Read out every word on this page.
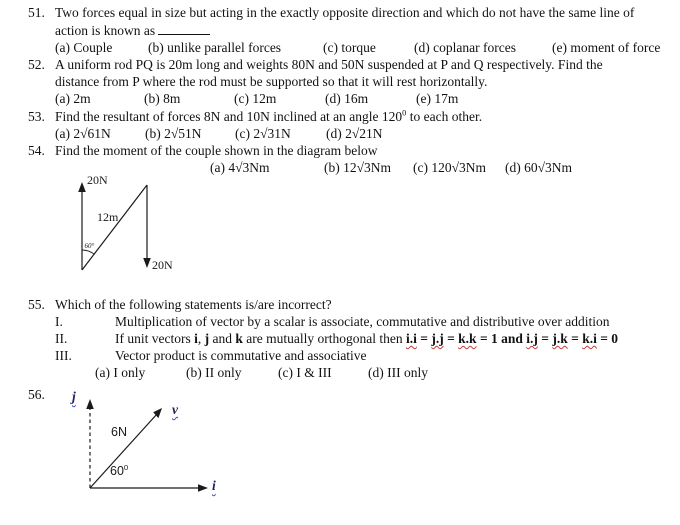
51. Two forces equal in size but acting in the exactly opposite direction and which do not have the same line of
action is known as
(a) Couple	(b) unlike parallel forces	(c) torque	(d) coplanar forces	(e) moment of force
52. A uniform rod PQ is 20m long and weights 80N and 50N suspended at P and Q respectively. Find the
distance from P where the rod must be supported so that it will rest horizontally.
(a) 2m	(b) 8m	(c) 12m	(d) 16m	(e) 17m
53. Find the resultant of forces 8N and 10N inclined at an angle $120^0$ to each other.
(a) 2√61N	(b) 2√51N (c) 2√31N	(d) 2√21N
54. Find the moment of the couple shown in the diagram below
(a) 4√3Nm	(b) 12√3Nm (c) 120√3Nm (d) 60√3Nm
20N
12m
60°
20N
55. Which of the following statements is/are incorrect?
I.	Multiplication of vector by a scalar is associate, commutative and distributive over addition
II.	If unit vectors i, j and k are mutually orthogonal then i.i = j.j = k.k = 1 and i.j = j.k = k.i = 0
III.	Vector product is commutative and associative
(a) I only	(b) II only	(c) I & III	(d) III only
56. j
v
i
6N
$60^0$
